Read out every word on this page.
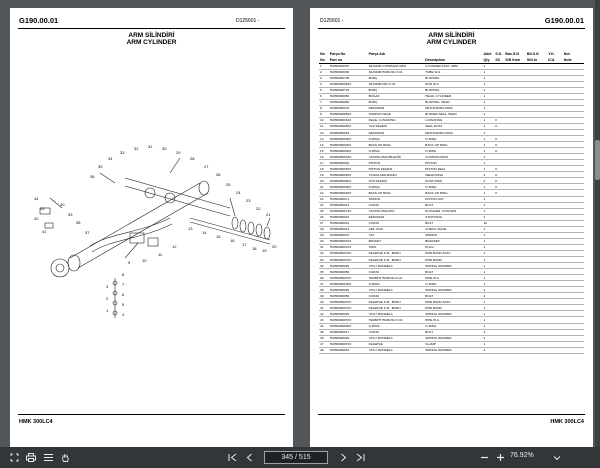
G190.00.01	D125601 -
ARM SİLİNDİRİ
ARM CYLINDER
44
43
42
41
40
39
38
37
36
35
34
33
32 31 30
29
28
27
26
25
24
23
22
21
20
19
18
17
16
15
14
13
12
11
10
9
8
7
6
5
4
3
2
1
HMK 300LC4
D125601 -	G190.00.01
ARM SİLİNDİRİ
ARM CYLINDER
No	Parça No	Parça Adı		Adet	S.K.	Bas.S.N	Bit.S.N	Y.K.	Not
No	Part no		Description	Qty	SC	S/N from	S/N to	ICA	Note
1	H2050200307	SİLİNDİR KOMPLESİ ARM	CYLINDER ASSY, ARM	1					
2	H2050000030	SİLİNDİR BORUSU K.M.	TUBE W.A.	1					
3	H2050090705	BURÇ	BUSHING	1					
4	H2050090062X	SİLİNDİR MİLİ K.M.	ROD W.A.	1					
5	H2050090723	BURÇ	BUSHING	1					
6	H2050090050	BOĞAZ	HEAD, CYLINDER	1					
7	H2050090050	BURÇ	BUSHING, HEAD	1					
8	H2050090070	DESOMAN	RETHAINING RING	1					
9	H2050090050X	TAMPON KEÇE	BUFFER SEAL, HEAD	1					
10	H2050090034X	KEÇE, U-PACKING	U-PACKING	1	K				
11	H2050090050X	TOZ KEÇESİ	SEAL DUST	1	K				
12	H2050090054	DESOMAN	RETHAINING RING	1					
13	H2050090030X	O-RİNG	O-RING	1	K				
14	H2050090030X	BACK-UP RING	BACK-UP RING	1	K				
15	H2050090030X	O-RİNG	O-RING	1	K				
16	H2050090034X	YASTIKLAMA BİLEZİĞİ	CUSHION RING	1					
17	H2050090040	PİSTON	PISTON	1					
18	H2050090052X	PİSTON KEÇESİ	PISTON SEAL	1	K				
19	H2050090050X	YATAKLAMA BANDI	WEAR RING	2	K				
20	H2050090050X	TOZ KEÇESİ	DUST RING	2	K				
21	H2050090030X	O-RİNG	O-RING	1	K				
22	H2050090030X	BACK-UP RING	BACK-UP RING	1	K				
23	H2050090071	SOMUN	PISTON NUT	1					
24	H2050090013	CIVATA	BOLT	1					
25	H2050090073X	YASTIKLAMA MİLİ	PLUNGER, CUSHION	1					
26	H2050090022	DESOMAN	STOP RING	1					
27	H2050090031	CIVATA	BOLT	16					
28	H2050090013	ÇEK VALF	CHECK VALVE	1					
29	H2050090070	YAY	SPRING	1					
30	H2050090070X	BRAKET	BRACKET	1					
31	H2050090070X	TAPA	PLUG	1					
32	H2050090070X	KELEPÇE K.M., BORU	PIPE BAND ASSY	1					
33	H2050090070X	KELEPÇE K.M., BORU	PIPE BAND	1					
34	H2050090020	YAYLI RONDELA	SPRING WASHER	1					
35	H2050090050	CIVATA	BOLT	1					
36	H2050090070X	TESBİHT BORUSU K.M.	PIPE W.A.	1					
37	H2050090030X	O-RİNG	O-RING	1					
38	H2050090020	YAYLI RONDELA	SPRING WASHER	4					
39	H2050090050	CIVATA	BOLT	4					
40	H2050090070X	KELEPÇE K.M., BORU	PIPE BAND ASSY	1					
41	H2050090070X	KELEPÇE K.M., BORU	PIPE BAND	1					
42	H2050090020	YAYLI RONDELA	SPRING WASHER	1					
43	H2050090070X	TESBİHT BORUSU K.M.	PIPE W.A.	1					
44	H2050090030X	O-RİNG	O-RING	1					
45	H2050090017	CIVATA	BOLT	4					
46	H2050090020	YAYLI RONDELA	SPRING WASHER	4					
47	H2050090070X	KELEPÇE	CLAMP	1					
48	H2050090019	YAYLI RONDELA	SPRING WASHER	4					
HMK 300LC4
345
/ 515	76.92%
